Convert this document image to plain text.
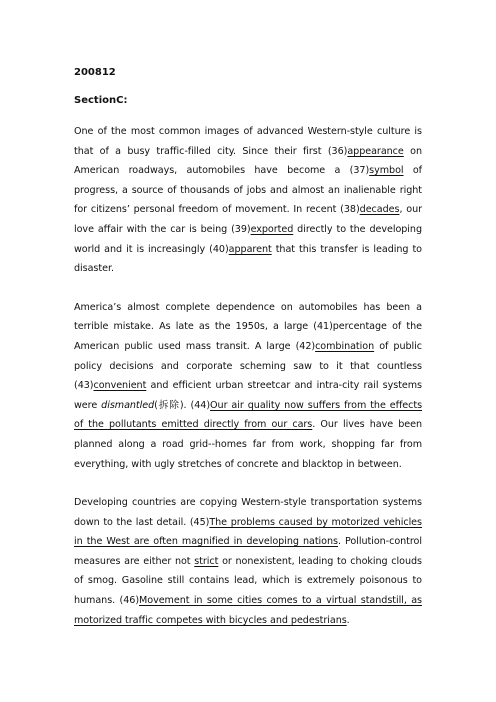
200812

SectionC:

One of the most common images of advanced Western-style culture is that of a busy traffic-filled city. Since their first (36)appearance on American roadways, automobiles have become a (37)symbol of progress, a source of thousands of jobs and almost an inalienable right for citizens’ personal freedom of movement. In recent (38)decades, our love affair with the car is being (39)exported directly to the developing world and it is increasingly (40)apparent that this transfer is leading to disaster.

America’s almost complete dependence on automobiles has been a terrible mistake. As late as the 1950s, a large (41)percentage of the American public used mass transit. A large (42)combination of public policy decisions and corporate scheming saw to it that countless (43)convenient and efficient urban streetcar and intra-city rail systems were dismantled(拆除). (44)Our air quality now suffers from the effects of the pollutants emitted directly from our cars. Our lives have been planned along a road grid--homes far from work, shopping far from everything, with ugly stretches of concrete and blacktop in between.

Developing countries are copying Western-style transportation systems down to the last detail. (45)The problems caused by motorized vehicles in the West are often magnified in developing nations. Pollution-control measures are either not strict or nonexistent, leading to choking clouds of smog. Gasoline still contains lead, which is extremely poisonous to humans. (46)Movement in some cities comes to a virtual standstill, as motorized traffic competes with bicycles and pedestrians.
